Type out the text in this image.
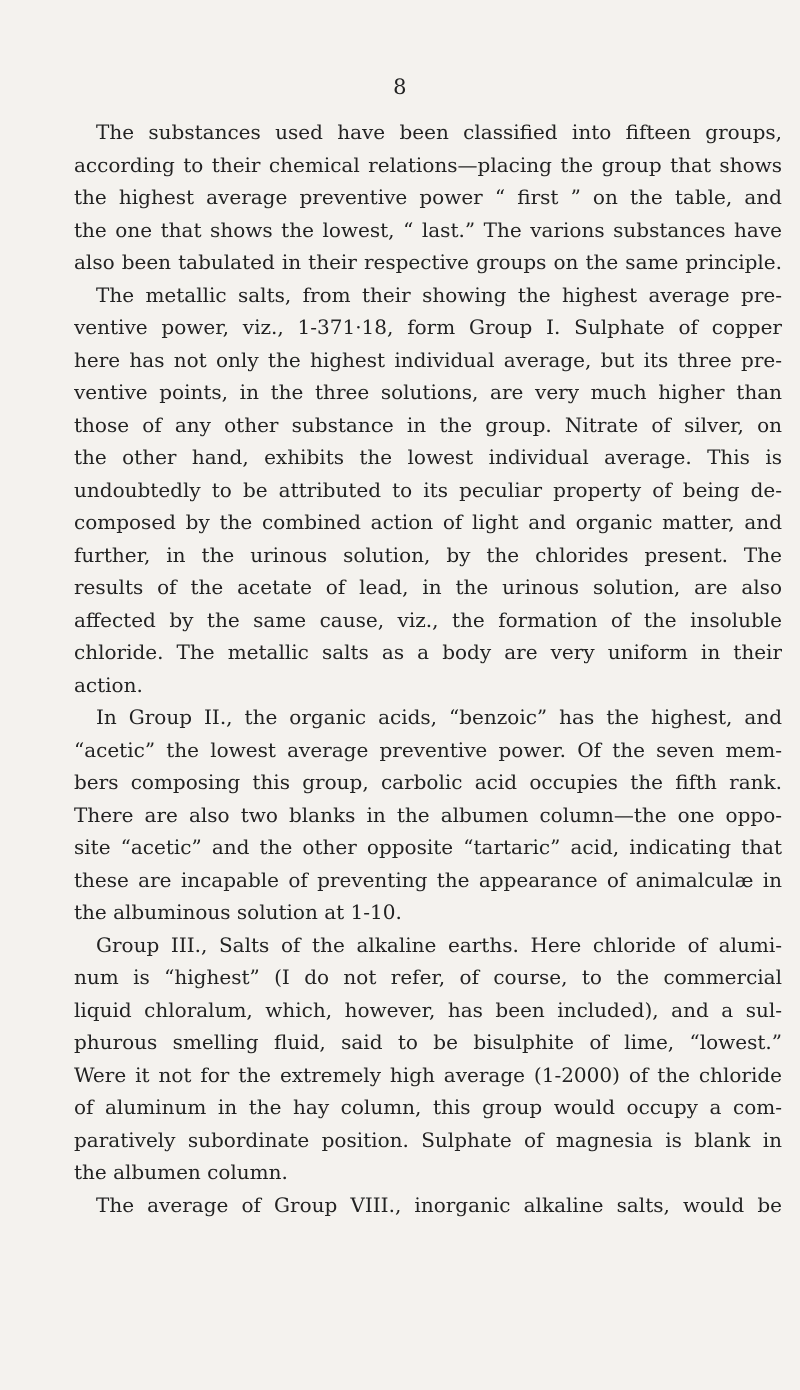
8
The substances used have been classified into fifteen groups,
according to their chemical relations—placing the group that shows
the highest average preventive power “ first ” on the table, and
the one that shows the lowest, “ last.” The varions substances have
also been tabulated in their respective groups on the same principle.
The metallic salts, from their showing the highest average pre-
ventive power, viz., 1-371·18, form Group I. Sulphate of copper
here has not only the highest individual average, but its three pre-
ventive points, in the three solutions, are very much higher than
those of any other substance in the group. Nitrate of silver, on
the other hand, exhibits the lowest individual average. This is
undoubtedly to be attributed to its peculiar property of being de-
composed by the combined action of light and organic matter, and
further, in the urinous solution, by the chlorides present. The
results of the acetate of lead, in the urinous solution, are also
affected by the same cause, viz., the formation of the insoluble
chloride. The metallic salts as a body are very uniform in their
action.
In Group II., the organic acids, “benzoic” has the highest, and
“acetic” the lowest average preventive power. Of the seven mem-
bers composing this group, carbolic acid occupies the fifth rank.
There are also two blanks in the albumen column—the one oppo-
site “acetic” and the other opposite “tartaric” acid, indicating that
these are incapable of preventing the appearance of animalculæ in
the albuminous solution at 1-10.
Group III., Salts of the alkaline earths. Here chloride of alumi-
num is “highest” (I do not refer, of course, to the commercial
liquid chloralum, which, however, has been included), and a sul-
phurous smelling fluid, said to be bisulphite of lime, “lowest.”
Were it not for the extremely high average (1-2000) of the chloride
of aluminum in the hay column, this group would occupy a com-
paratively subordinate position. Sulphate of magnesia is blank in
the albumen column.
The average of Group VIII., inorganic alkaline salts, would be
